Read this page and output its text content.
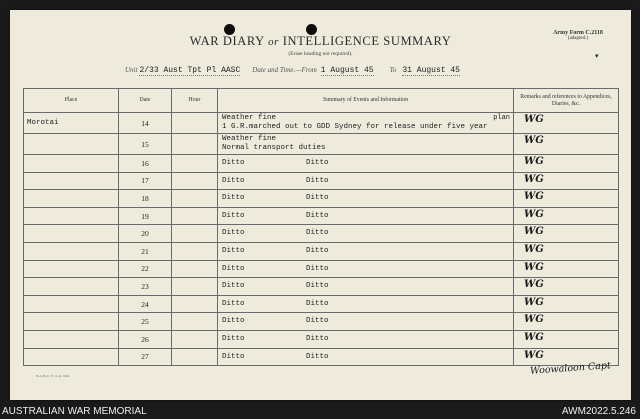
WAR DIARY or INTELLIGENCE SUMMARY
(Erase heading not required).
Army Form C.2118
(adapted.)
▾
Unit 2/33 Aust Tpt Pl AASC Date and Time.—From 1 August 45 To 31 August 45
Place	Date	Hour	Summary of Events and Information	Remarks and references to Appendices, Diaries, &c.
Morotai	14		plan
Weather fine
1 G.R.marched out to GDD Sydney for release under five year	WG

	15		Weather fine
Normal transport duties	WG

	16		Ditto Ditto	WG

	17		Ditto Ditto	WG

	18		Ditto Ditto	WG

	19		Ditto Ditto	WG

	20		Ditto Ditto	WG

	21		Ditto Ditto	WG

	22		Ditto Ditto	WG

	23		Ditto Ditto	WG

	24		Ditto Ditto	WG

	25		Ditto Ditto	WG

	26		Ditto Ditto	WG

	27		Ditto Ditto	WG
B.A.H.Q. 31-3-44 1940	Woowaloon Capt
AUSTRALIAN WAR MEMORIAL	AWM2022.5.246
